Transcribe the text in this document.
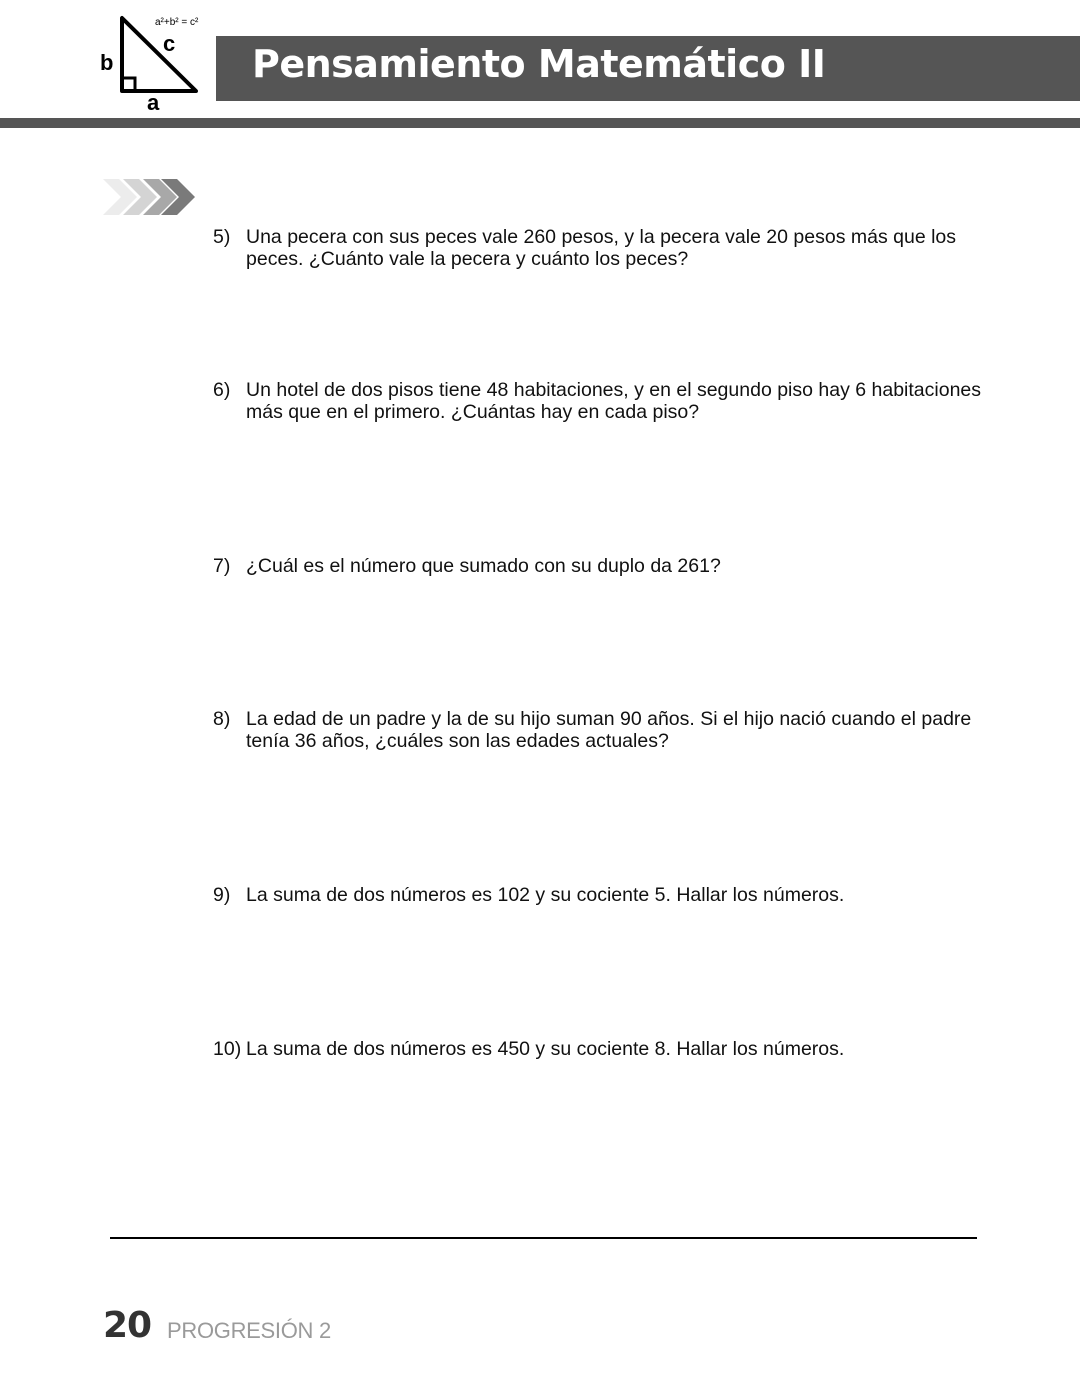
a²+b² = c²
c
b
a
Pensamiento Matemático II
5) Una pecera con sus peces vale 260 pesos, y la pecera vale 20 pesos más que los peces. ¿Cuánto vale la pecera y cuánto los peces?
6) Un hotel de dos pisos tiene 48 habitaciones, y en el segundo piso hay 6 habitaciones más que en el primero. ¿Cuántas hay en cada piso?
7) ¿Cuál es el número que sumado con su duplo da 261?
8) La edad de un padre y la de su hijo suman 90 años. Si el hijo nació cuando el padre tenía 36 años, ¿cuáles son las edades actuales?
9) La suma de dos números es 102 y su cociente 5. Hallar los números.
10) La suma de dos números es 450 y su cociente 8. Hallar los números.
20 PROGRESIÓN 2
